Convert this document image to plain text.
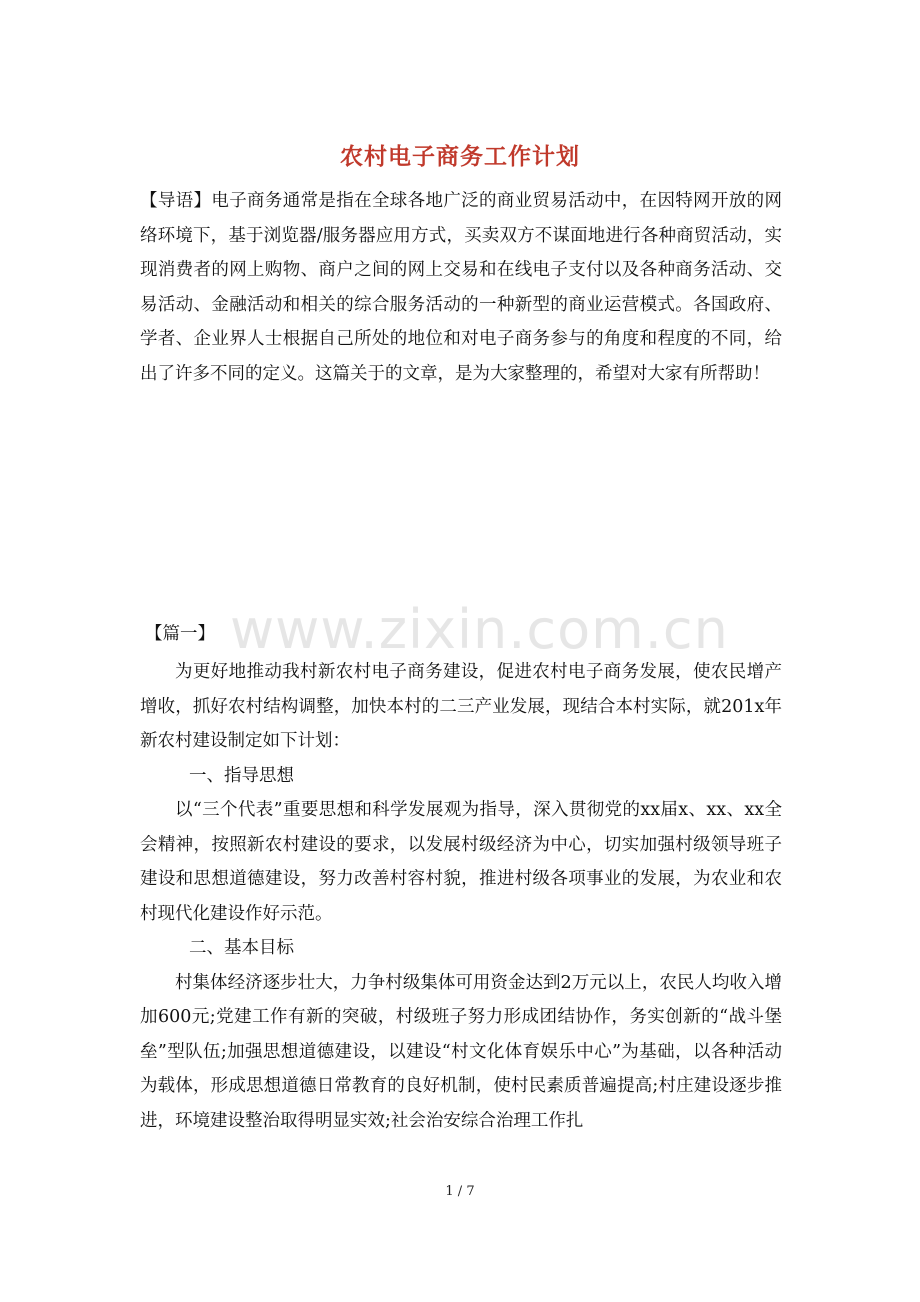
农村电子商务工作计划

【导语】电子商务通常是指在全球各地广泛的商业贸易活动中，在因特网开放的网络环境下，基于浏览器/服务器应用方式，买卖双方不谋面地进行各种商贸活动，实现消费者的网上购物、商户之间的网上交易和在线电子支付以及各种商务活动、交易活动、金融活动和相关的综合服务活动的一种新型的商业运营模式。各国政府、学者、企业界人士根据自己所处的地位和对电子商务参与的角度和程度的不同，给出了许多不同的定义。这篇关于的文章，是为大家整理的，希望对大家有所帮助！

www.zixin.com.cn

【篇一】

为更好地推动我村新农村电子商务建设，促进农村电子商务发展，使农民增产增收，抓好农村结构调整，加快本村的二三产业发展，现结合本村实际，就201x年新农村建设制定如下计划：

一、指导思想

以“三个代表”重要思想和科学发展观为指导，深入贯彻党的xx届x、xx、xx全会精神，按照新农村建设的要求，以发展村级经济为中心，切实加强村级领导班子建设和思想道德建设，努力改善村容村貌，推进村级各项事业的发展，为农业和农村现代化建设作好示范。

二、基本目标

村集体经济逐步壮大，力争村级集体可用资金达到2万元以上，农民人均收入增加600元;党建工作有新的突破，村级班子努力形成团结协作，务实创新的“战斗堡垒”型队伍;加强思想道德建设，以建设“村文化体育娱乐中心”为基础，以各种活动为载体，形成思想道德日常教育的良好机制，使村民素质普遍提高;村庄建设逐步推进，环境建设整治取得明显实效;社会治安综合治理工作扎

1 / 7
